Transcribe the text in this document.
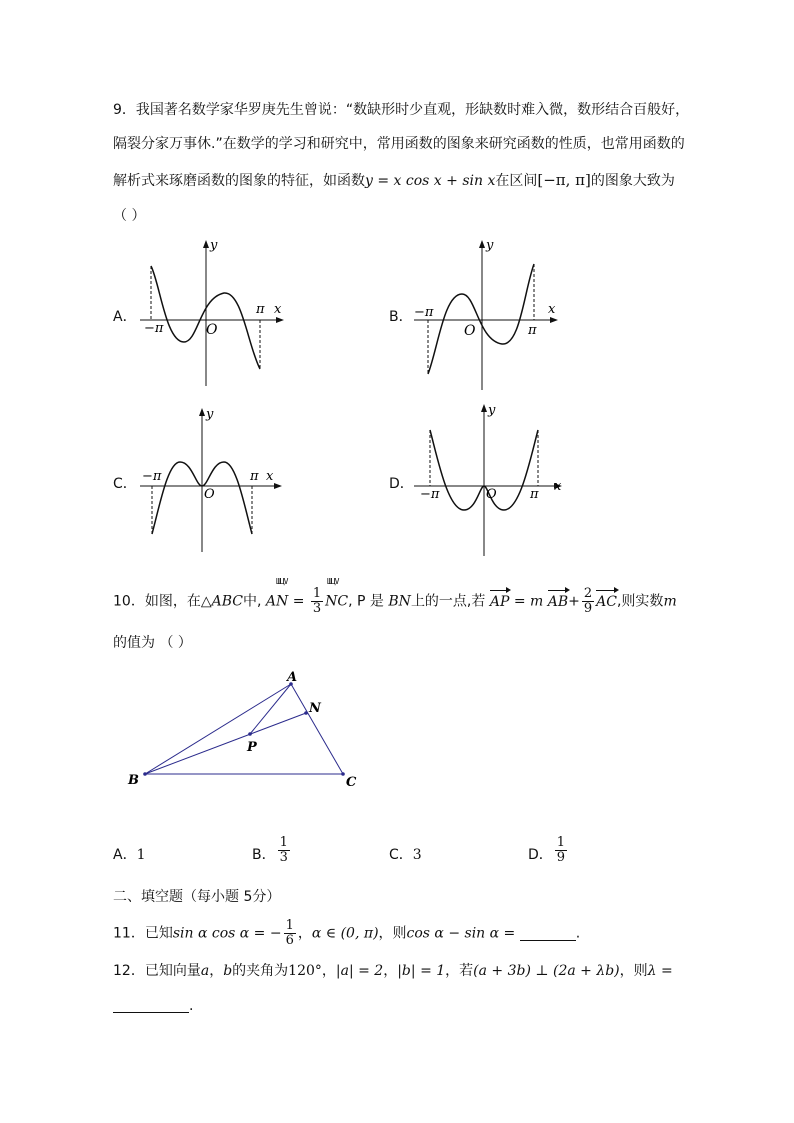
9．我国著名数学家华罗庚先生曾说：“数缺形时少直观，形缺数时难入微，数形结合百般好，
隔裂分家万事休.”在数学的学习和研究中，常用函数的图象来研究函数的性质，也常用函数的
解析式来琢磨函数的图象的特征，如函数y = x cos x + sin x在区间[−π, π]的图象大致为
（ ）
A．	B．
C．	D．
x
y
O
−π
π	x
y
O
−π
π
x
y
O
−π	π
x
y
O
−π	π
ШЦV	ШЦV
10．如图，在△ABC中, AN = $\frac{1}{3}$ NC, P 是 BN上的一点,若 AP = m $AB+ \frac{2}{9}$ AC,则实数m
的值为 （ ）
A
N
P
B	C
A．1	B． $\frac{1}{3}$	C．3	D． $\frac{1}{9}$
二、填空题（每小题 5分）
11．已知sin α cos α = − $\frac{1}{6}$ ，α ∈ (0, π)，则cos α − sin α =	.
12．已知向量a，b的夹角为120°，|a| = 2，|b| = 1，若(a + 3b) ⊥ (2a + λb)，则λ =
.
